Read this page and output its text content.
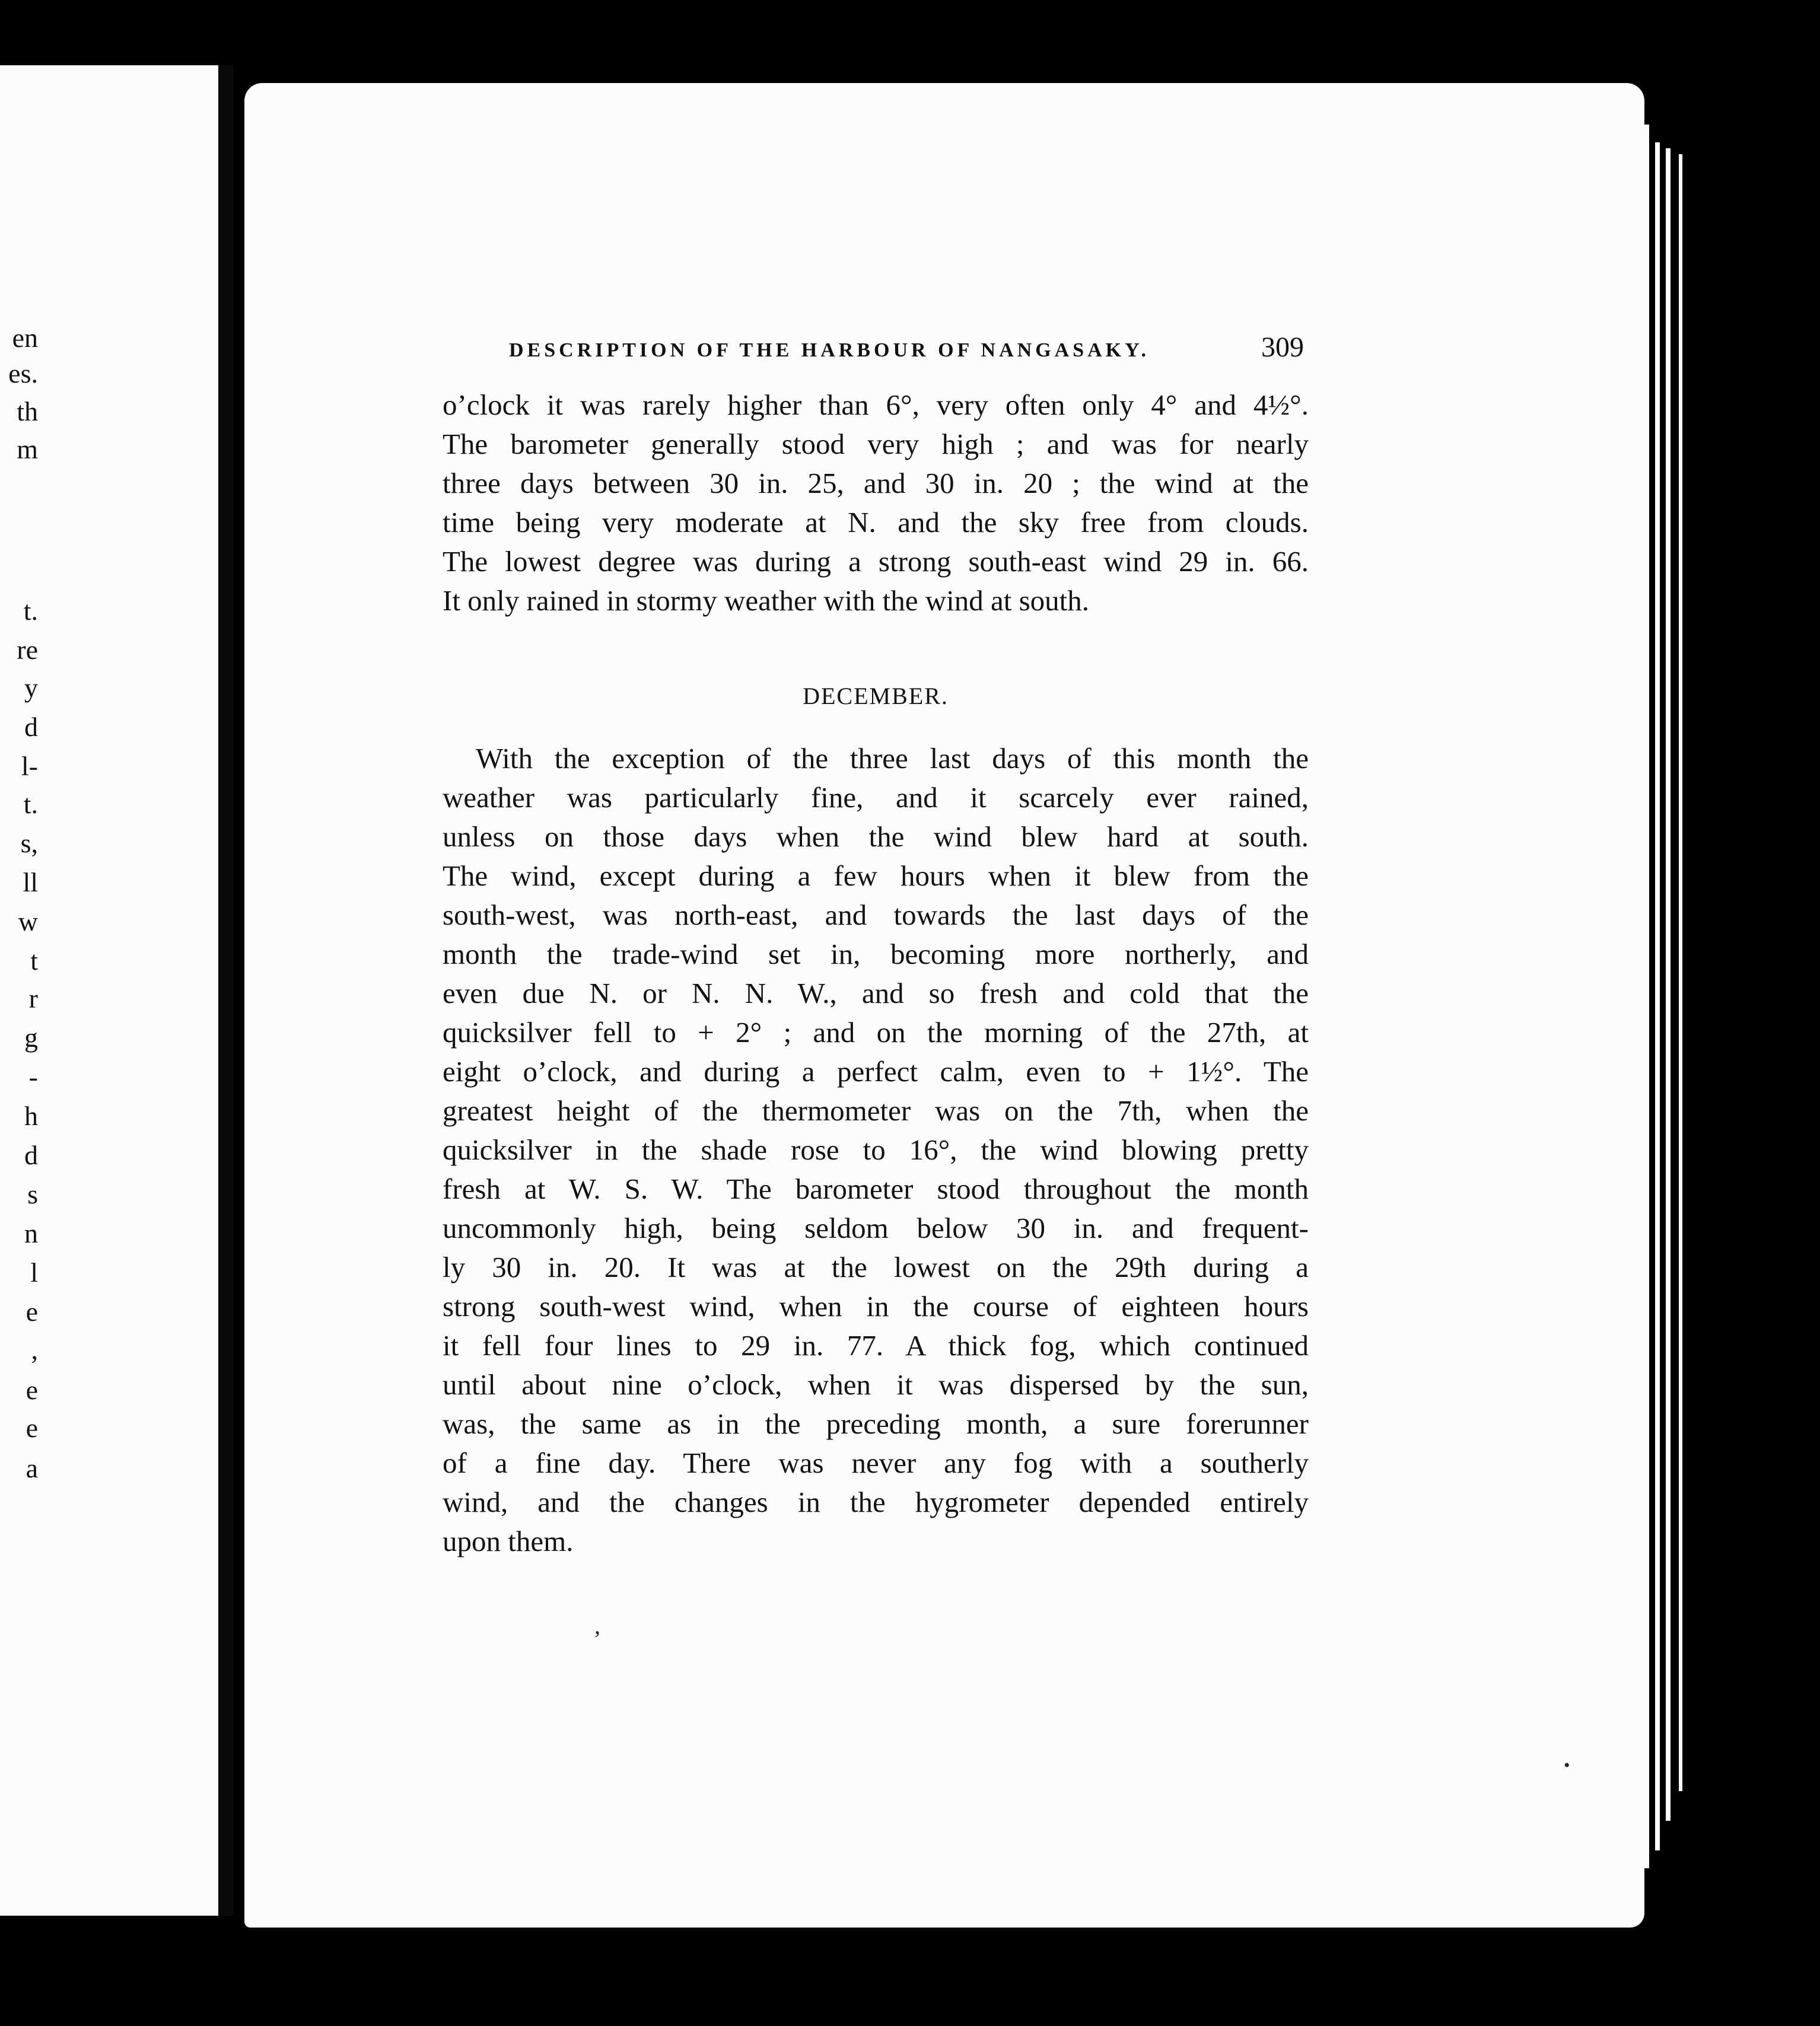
en
es.
th
m
t.
re
y
d
l-
t.
s,
ll
w
t
r
g
-
h
d
s
n
l
e
,
e
e
a
DESCRIPTION OF THE HARBOUR OF NANGASAKY.	309
o’clock it was rarely higher than 6°, very often only 4° and 4½°.
The barometer generally stood very high ; and was for nearly
three days between 30 in. 25, and 30 in. 20 ; the wind at the
time being very moderate at N. and the sky free from clouds.
The lowest degree was during a strong south-east wind 29 in. 66.
It only rained in stormy weather with the wind at south.
DECEMBER.
With the exception of the three last days of this month the
weather was particularly fine, and it scarcely ever rained,
unless on those days when the wind blew hard at south.
The wind, except during a few hours when it blew from the
south-west, was north-east, and towards the last days of the
month the trade-wind set in, becoming more northerly, and
even due N. or N. N. W., and so fresh and cold that the
quicksilver fell to + 2° ; and on the morning of the 27th, at
eight o’clock, and during a perfect calm, even to + 1½°. The
greatest height of the thermometer was on the 7th, when the
quicksilver in the shade rose to 16°, the wind blowing pretty
fresh at W. S. W. The barometer stood throughout the month
uncommonly high, being seldom below 30 in. and frequent-
ly 30 in. 20. It was at the lowest on the 29th during a
strong south-west wind, when in the course of eighteen hours
it fell four lines to 29 in. 77. A thick fog, which continued
until about nine o’clock, when it was dispersed by the sun,
was, the same as in the preceding month, a sure forerunner
of a fine day. There was never any fog with a southerly
wind, and the changes in the hygrometer depended entirely
upon them.
’
•
